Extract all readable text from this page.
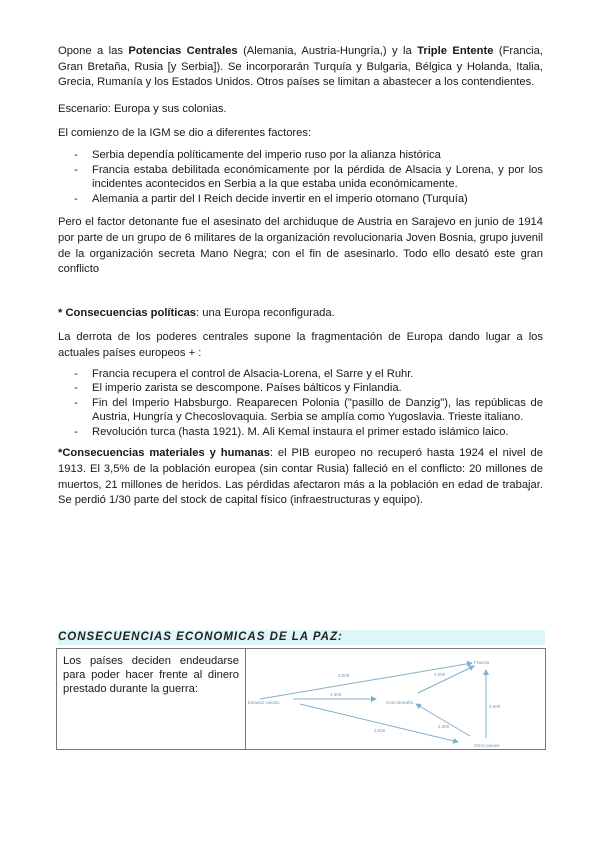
Opone a las Potencias Centrales (Alemania, Austria-Hungría,) y la Triple Entente (Francia, Gran Bretaña, Rusia [y Serbia]). Se incorporarán Turquía y Bulgaria, Bélgica y Holanda, Italia, Grecia, Rumanía y los Estados Unidos. Otros países se limitan a abastecer a los contendientes.

Escenario: Europa y sus colonias.

El comienzo de la IGM se dio a diferentes factores:

- Serbia dependía políticamente del imperio ruso por la alianza histórica
- Francia estaba debilitada económicamente por la pérdida de Alsacia y Lorena, y por los incidentes acontecidos en Serbia a la que estaba unida económicamente.
- Alemania a partir del I Reich decide invertir en el imperio otomano (Turquía)

Pero el factor detonante fue el asesinato del archiduque de Austria en Sarajevo en junio de 1914 por parte de un grupo de 6 militares de la organización revolucionaria Joven Bosnia, grupo juvenil de la organización secreta Mano Negra; con el fin de asesinarlo. Todo ello desató este gran conflicto

* Consecuencias políticas: una Europa reconfigurada.

La derrota de los poderes centrales supone la fragmentación de Europa dando lugar a los actuales países europeos + :

- Francia recupera el control de Alsacia-Lorena, el Sarre y el Ruhr.
- El imperio zarista se descompone. Países bálticos y Finlandia.
- Fin del Imperio Habsburgo. Reaparecen Polonia ("pasillo de Danzig"), las repúblicas de Austria, Hungría y Checoslovaquia. Serbia se amplía como Yugoslavia. Trieste italiano.
- Revolución turca (hasta 1921). M. Ali Kemal instaura el primer estado islámico laico.

*Consecuencias materiales y humanas: el PIB europeo no recuperó hasta 1924 el nivel de 1913. El 3,5% de la población europea (sin contar Rusia) falleció en el conflicto: 20 millones de muertos, 21 millones de heridos. Las pérdidas afectaron más a la población en edad de trabajar. Se perdió 1/30 parte del stock de capital físico (infraestructuras y equipo).

CONSECUENCIAS ECONOMICAS DE LA PAZ:
Los países deciden endeudarse para poder hacer frente al dinero prestado durante la guerra:
Francia
Estados Unidos	Gran Bretaña
Otros países
3.000	3.000
4.300
3.500
4.300
3.000
